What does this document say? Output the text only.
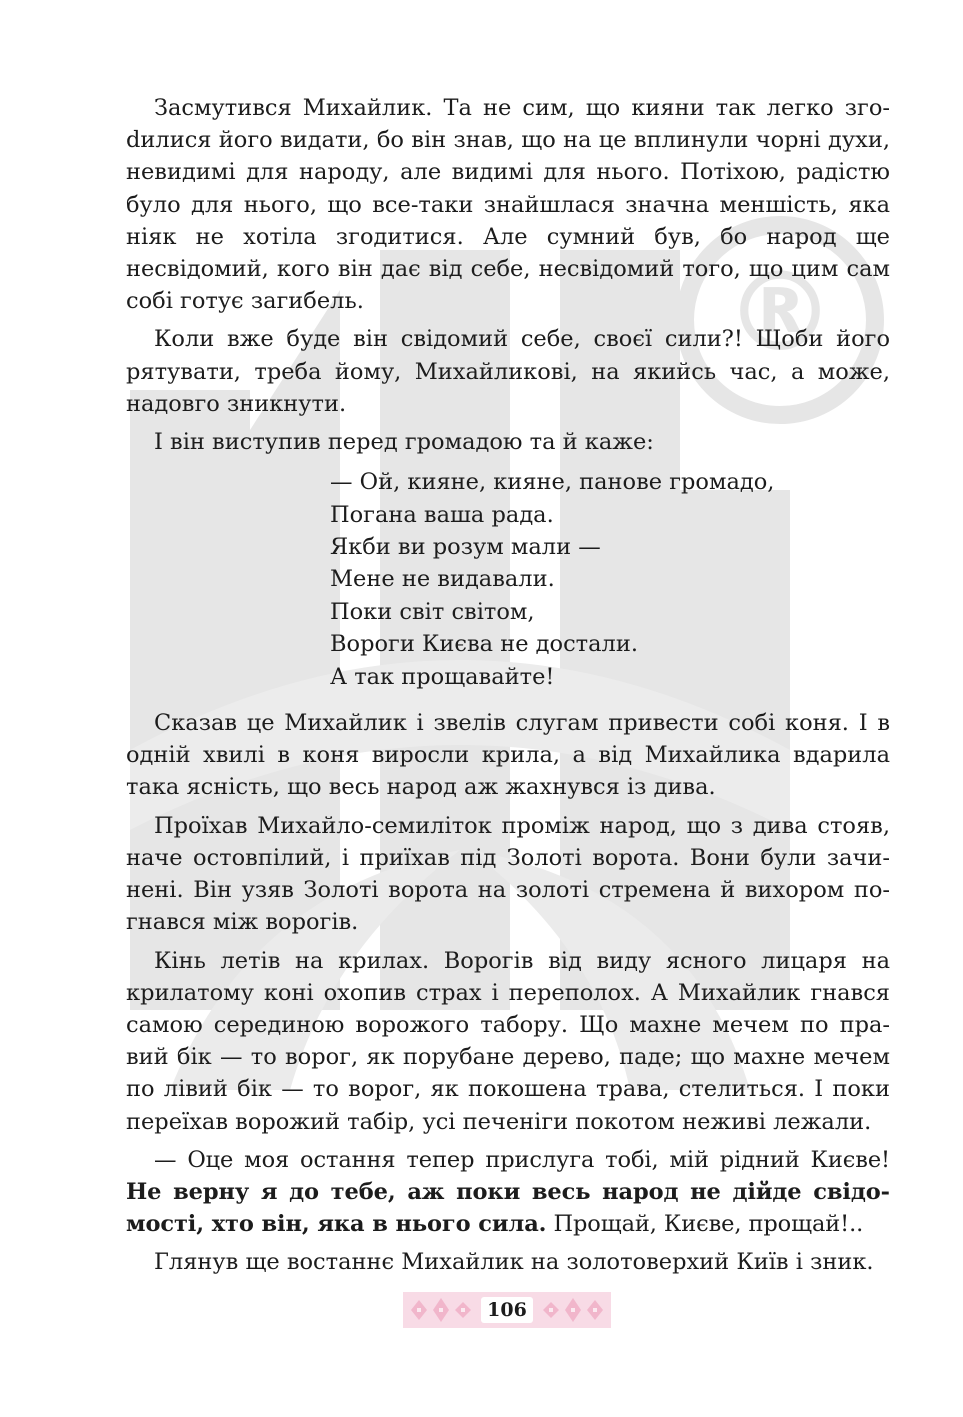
®

Засмутився Михайлик. Та не сим, що кияни так легко згоdилися його видати, бо він знав, що на це вплинули чорні духи, невидимі для народу, але видимі для нього. Потіхою, радістю було для нього, що все-таки знайшлася значна меншість, яка ніяк не хотіла згодитися. Але сумний був, бо народ ще несвідомий, кого він дає від себе, несвідомий того, що цим сам собі готує загибель.

Коли вже буде він свідомий себе, своєї сили?! Щоби його рятувати, треба йому, Михайликові, на якийсь час, а може, надовго зникнути.

І він виступив перед громадою та й каже:

— Ой, кияне, кияне, панове громадо,
Погана ваша рада.
Якби ви розум мали —
Мене не видавали.
Поки світ світом,
Вороги Києва не достали.
А так прощавайте!

Сказав це Михайлик і звелів слугам привести собі коня. І в одній хвилі в коня виросли крила, а від Михайлика вдарила така ясність, що весь народ аж жахнувся із дива.

Проїхав Михайло-семиліток проміж народ, що з дива стояв, наче остовпілий, і приїхав під Золоті ворота. Вони були зачинені. Він узяв Золоті ворота на золоті стремена й вихором погнався між ворогів.

Кінь летів на крилах. Ворогів від виду ясного лицаря на крилатому коні охопив страх і переполох. А Михайлик гнався самою серединою ворожого табору. Що махне мечем по правий бік — то ворог, як порубане дерево, паде; що махне мечем по лівий бік — то ворог, як покошена трава, стелиться. І поки переїхав ворожий табір, усі печеніги покотом неживі лежали.

— Оце моя остання тепер прислуга тобі, мій рідний Києве! Не верну я до тебе, аж поки весь народ не дійде свідомості, хто він, яка в нього сила. Прощай, Києве, прощай!..

Глянув ще востаннє Михайлик на золотоверхий Київ і зник.

106
